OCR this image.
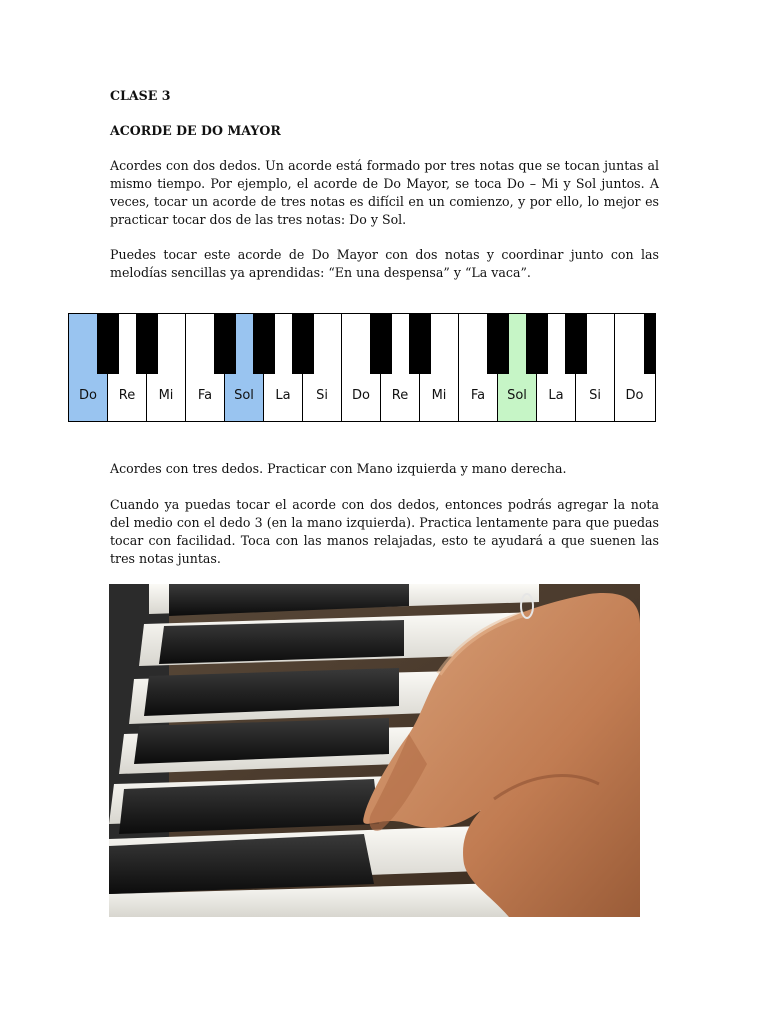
CLASE 3

ACORDE DE DO MAYOR

Acordes con dos dedos. Un acorde está formado por tres notas que se tocan juntas al mismo tiempo. Por ejemplo, el acorde de Do Mayor, se toca Do – Mi y Sol juntos. A veces, tocar un acorde de tres notas es difícil en un comienzo, y por ello, lo mejor es practicar tocar dos de las tres notas: Do y Sol.

Puedes tocar este acorde de Do Mayor con dos notas y coordinar junto con las melodías sencillas ya aprendidas: “En una despensa” y “La vaca”.

Do	Re	Mi	Fa	Sol	La	Si	Do	Re	Mi	Fa	Sol	La	Si	Do

Acordes con tres dedos. Practicar con Mano izquierda y mano derecha.

Cuando ya puedas tocar el acorde con dos dedos, entonces podrás agregar la nota del medio con el dedo 3 (en la mano izquierda). Practica lentamente para que puedas tocar con facilidad. Toca con las manos relajadas, esto te ayudará a que suenen las tres notas juntas.
